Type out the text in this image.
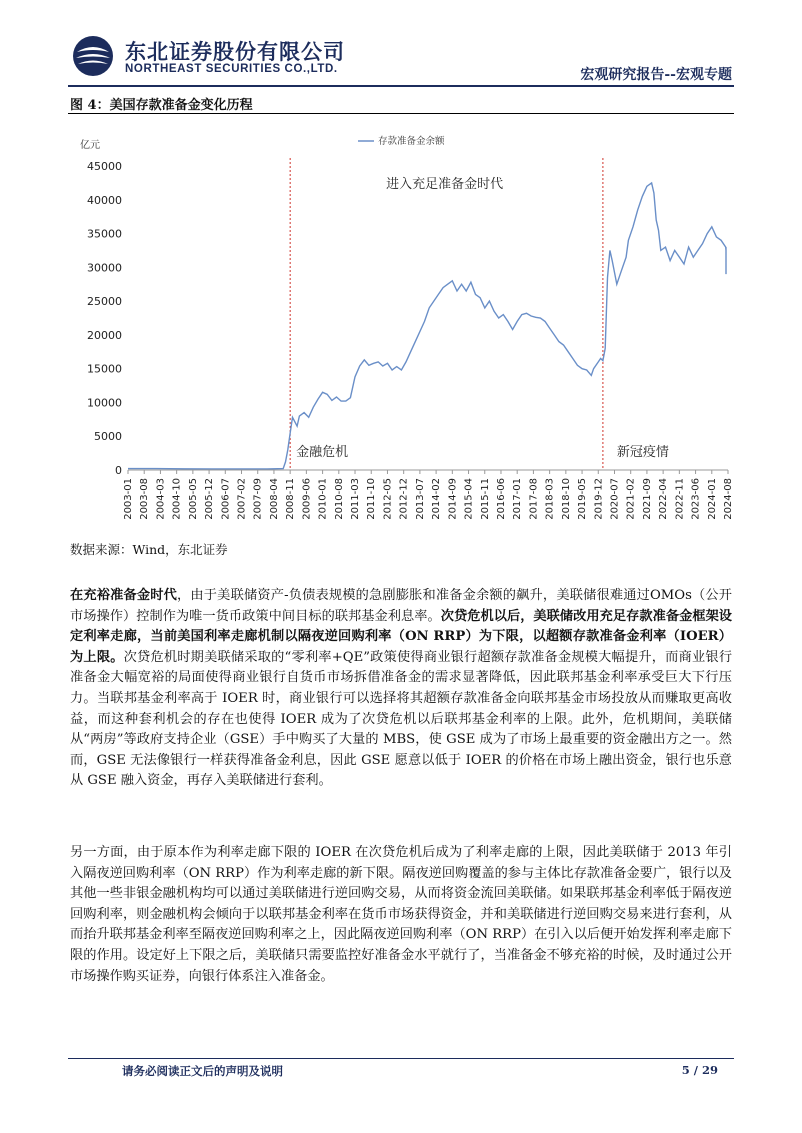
东北证券股份有限公司
NORTHEAST SECURITIES CO.,LTD.	宏观研究报告--宏观专题
图 4：美国存款准备金变化历程
亿元	存款准备金余额
0
5000
10000
15000
20000
25000
30000
35000
40000
45000
2003-01 2003-08 2004-03 2004-10 2005-05 2005-12 2006-07 2007-02 2007-09 2008-04 2008-11 2009-06 2010-01 2010-08 2011-03 2011-10 2012-05 2012-12 2013-07 2014-02 2014-09 2015-04 2015-11 2016-06 2017-01 2017-08 2018-03 2018-10 2019-05 2019-12 2020-07 2021-02 2021-09 2022-04 2022-11 2023-06 2024-01 2024-08
进入充足准备金时代
金融危机	新冠疫情
数据来源：Wind，东北证券

在充裕准备金时代，由于美联储资产-负债表规模的急剧膨胀和准备金余额的飙升，美联储很难通过OMOs（公开市场操作）控制作为唯一货币政策中间目标的联邦基金利息率。次贷危机以后，美联储改用充足存款准备金框架设定利率走廊，当前美国利率走廊机制以隔夜逆回购利率（ON RRP）为下限，以超额存款准备金利率（IOER）为上限。次贷危机时期美联储采取的“零利率+QE”政策使得商业银行超额存款准备金规模大幅提升，而商业银行准备金大幅宽裕的局面使得商业银行自货币市场拆借准备金的需求显著降低，因此联邦基金利率承受巨大下行压力。当联邦基金利率高于 IOER 时，商业银行可以选择将其超额存款准备金向联邦基金市场投放从而赚取更高收益，而这种套利机会的存在也使得 IOER 成为了次贷危机以后联邦基金利率的上限。此外，危机期间，美联储从“两房”等政府支持企业（GSE）手中购买了大量的 MBS，使 GSE 成为了市场上最重要的资金融出方之一。然而，GSE 无法像银行一样获得准备金利息，因此 GSE 愿意以低于 IOER 的价格在市场上融出资金，银行也乐意从 GSE 融入资金，再存入美联储进行套利。

另一方面，由于原本作为利率走廊下限的 IOER 在次贷危机后成为了利率走廊的上限，因此美联储于 2013 年引入隔夜逆回购利率（ON RRP）作为利率走廊的新下限。隔夜逆回购覆盖的参与主体比存款准备金要广，银行以及其他一些非银金融机构均可以通过美联储进行逆回购交易，从而将资金流回美联储。如果联邦基金利率低于隔夜逆回购利率，则金融机构会倾向于以联邦基金利率在货币市场获得资金，并和美联储进行逆回购交易来进行套利，从而抬升联邦基金利率至隔夜逆回购利率之上，因此隔夜逆回购利率（ON RRP）在引入以后便开始发挥利率走廊下限的作用。设定好上下限之后，美联储只需要监控好准备金水平就行了，当准备金不够充裕的时候，及时通过公开市场操作购买证券，向银行体系注入准备金。

请务必阅读正文后的声明及说明	5 / 29
